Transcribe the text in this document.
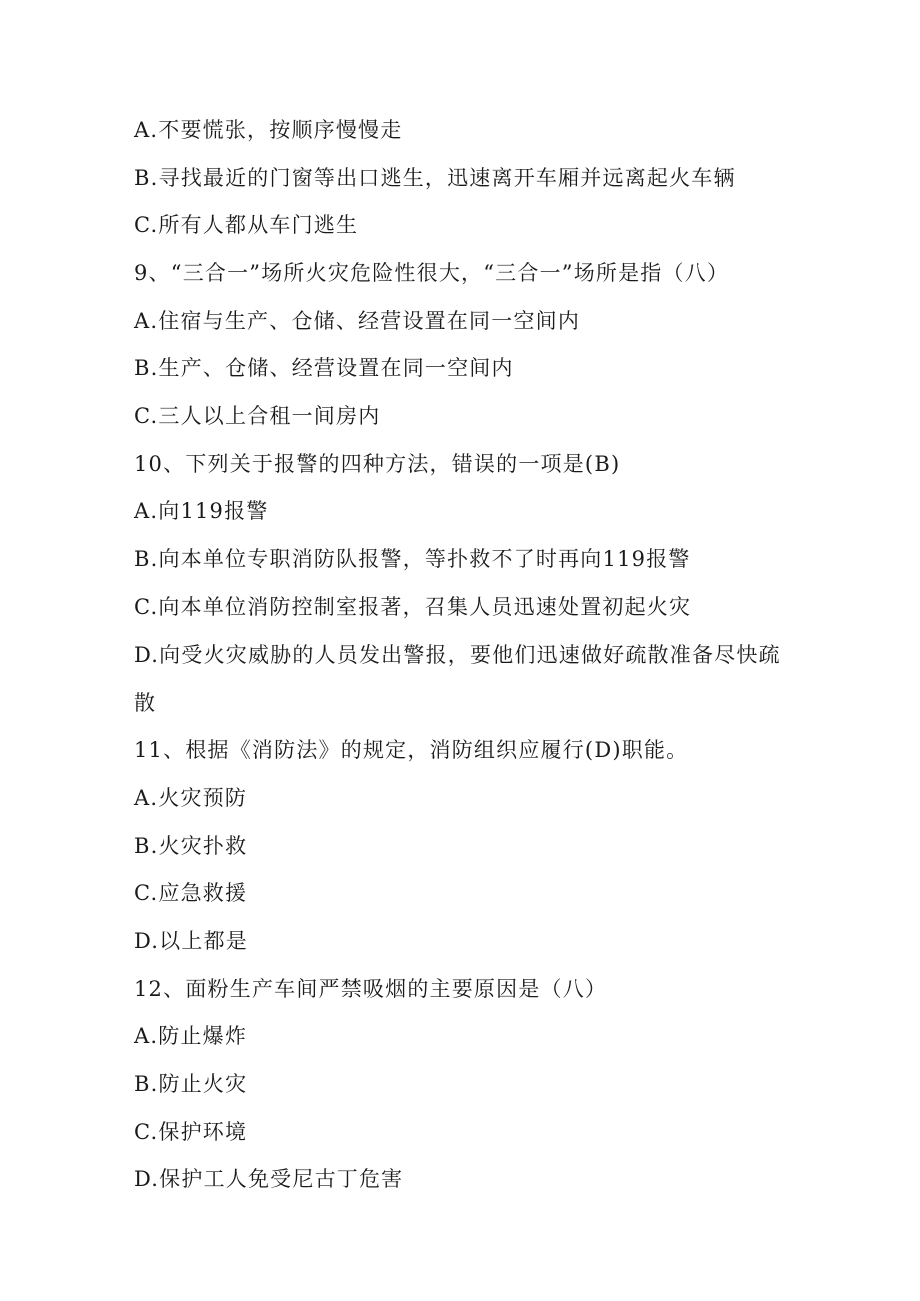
A.不要慌张，按顺序慢慢走
B.寻找最近的门窗等出口逃生，迅速离开车厢并远离起火车辆
C.所有人都从车门逃生
9、“三合一”场所火灾危险性很大，“三合一”场所是指（八）
A.住宿与生产、仓储、经营设置在同一空间内
B.生产、仓储、经营设置在同一空间内
C.三人以上合租一间房内
10、下列关于报警的四种方法，错误的一项是(B)
A.向119报警
B.向本单位专职消防队报警，等扑救不了时再向119报警
C.向本单位消防控制室报著，召集人员迅速处置初起火灾
D.向受火灾威胁的人员发出警报，要他们迅速做好疏散准备尽快疏
散
11、根据《消防法》的规定，消防组织应履行(D)职能。
A.火灾预防
B.火灾扑救
C.应急救援
D.以上都是
12、面粉生产车间严禁吸烟的主要原因是（八）
A.防止爆炸
B.防止火灾
C.保护环境
D.保护工人免受尼古丁危害
